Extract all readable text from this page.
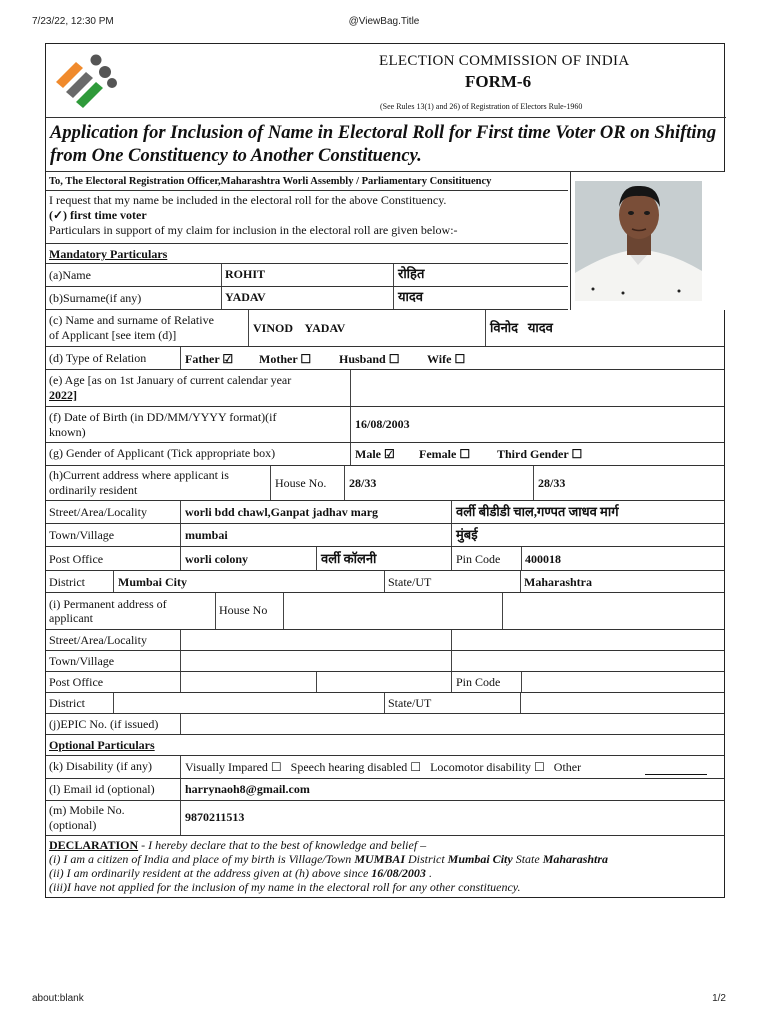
7/23/22, 12:30 PM	@ViewBag.Title
ELECTION COMMISSION OF INDIA
FORM-6
(See Rules 13(1) and 26) of Registration of Electors Rule-1960
Application for Inclusion of Name in Electoral Roll for First time Voter OR on Shifting from One Constituency to Another Constituency.
To, The Electoral Registration Officer,Maharashtra Worli Assembly / Parliamentary Consitituency
I request that my name be included in the electoral roll for the above Constituency.
(✓) first time voter
Particulars in support of my claim for inclusion in the electoral roll are given below:-
Mandatory Particulars
(a)Name	ROHIT	रोहित
(b)Surname(if any)	YADAV	यादव
(c) Name and surname of Relative
of Applicant [see item (d)]	VINOD    YADAV	विनोद   यादव
(d) Type of Relation	Father ☑ Mother ☐ Husband ☐ Wife ☐
(e) Age [as on 1st January of current calendar year
2022]
(f) Date of Birth (in DD/MM/YYYY format)(if
known)
16/08/2003
(g) Gender of Applicant (Tick appropriate box)	Male ☑ Female ☐ Third Gender ☐
(h)Current address where applicant is
ordinarily resident	House No. 28/33	28/33
Street/Area/Locality	worli bdd chawl,Ganpat jadhav marg	वर्ली बीडीडी चाल,गण्पत जाधव मार्ग
Town/Village	mumbai	मुंबई
Post Office	worli colony	वर्ली कॉलनी	Pin Code 400018
District	Mumbai City	State/UT	Maharashtra
(i) Permanent address of
applicant
House No
Street/Area/Locality
Town/Village
Post Office	Pin Code
District	State/UT
(j)EPIC No. (if issued)
Optional Particulars
(k) Disability (if any)	Visually Impared ☐   Speech hearing disabled ☐   Locomotor disability ☐   Other
(l) Email id (optional)	harrynaoh8@gmail.com
(m) Mobile No.
(optional)
9870211513
DECLARATION - I hereby declare that to the best of knowledge and belief –
(i) I am a citizen of India and place of my birth is Village/Town MUMBAI District Mumbai City State Maharashtra
(ii) I am ordinarily resident at the address given at (h) above since 16/08/2003 .
(iii)I have not applied for the inclusion of my name in the electoral roll for any other constituency.
about:blank	1/2
